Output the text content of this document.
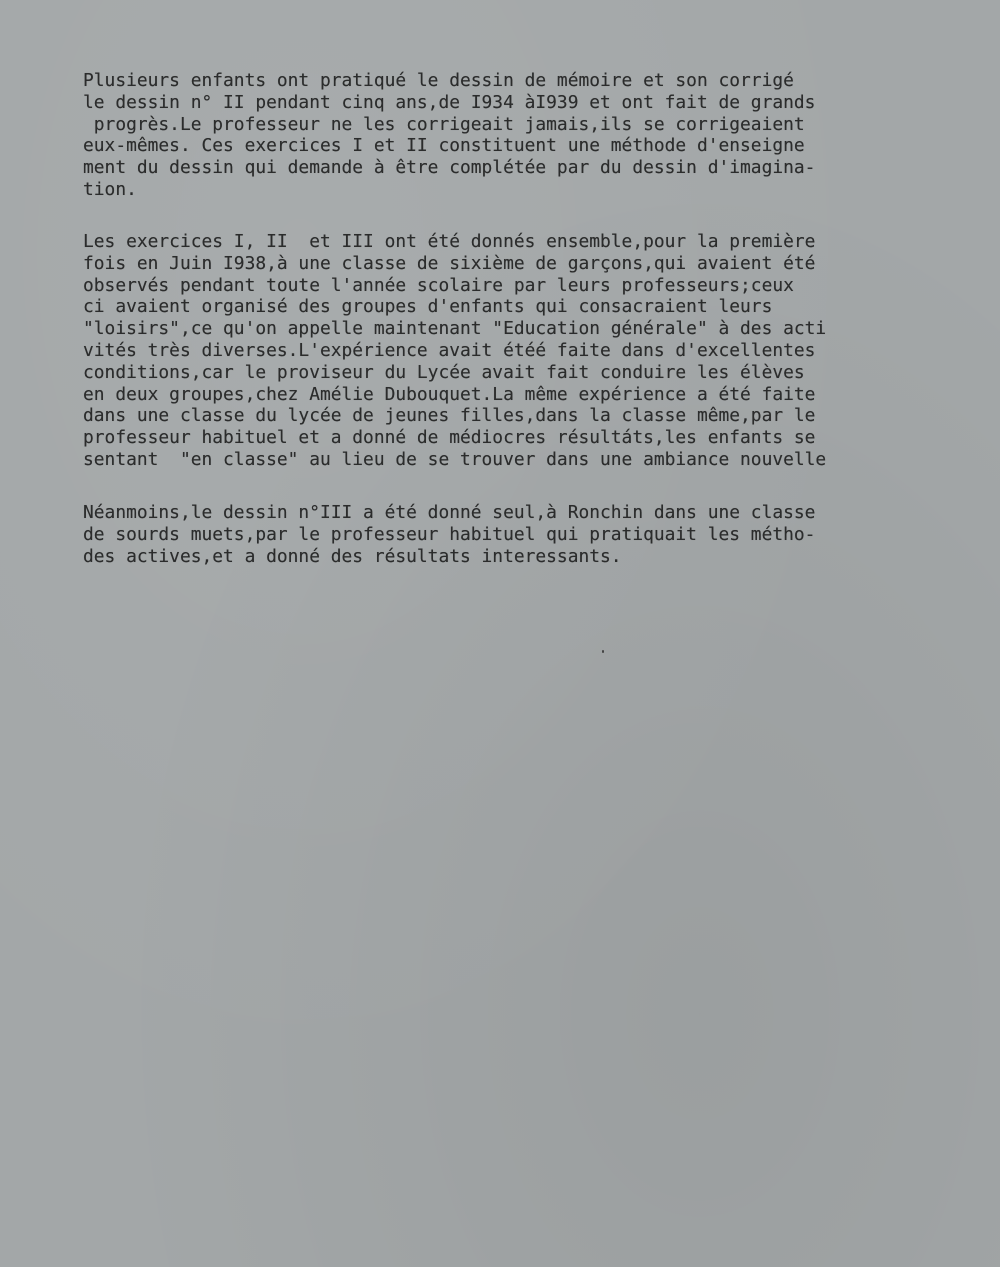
Plusieurs enfants ont pratiqué le dessin de mémoire et son corrigé
le dessin n° II pendant cinq ans,de I934 àI939 et ont fait de grands
progrès.Le professeur ne les corrigeait jamais,ils se corrigeaient
eux-mêmes. Ces exercices I et II constituent une méthode d'enseigne
ment du dessin qui demande à être complétée par du dessin d'imagina-
tion.
Les exercices I, II  et III ont été donnés ensemble,pour la première
fois en Juin I938,à une classe de sixième de garçons,qui avaient été
observés pendant toute l'année scolaire par leurs professeurs;ceux
ci avaient organisé des groupes d'enfants qui consacraient leurs
"loisirs",ce qu'on appelle maintenant "Education générale" à des acti
vités très diverses.L'expérience avait étéé faite dans d'excellentes
conditions,car le proviseur du Lycée avait fait conduire les élèves
en deux groupes,chez Amélie Dubouquet.La même expérience a été faite
dans une classe du lycée de jeunes filles,dans la classe même,par le
professeur habituel et a donné de médiocres résultáts,les enfants se
sentant  "en classe" au lieu de se trouver dans une ambiance nouvelle
Néanmoins,le dessin n°III a été donné seul,à Ronchin dans une classe
de sourds muets,par le professeur habituel qui pratiquait les métho-
des actives,et a donné des résultats interessants.
